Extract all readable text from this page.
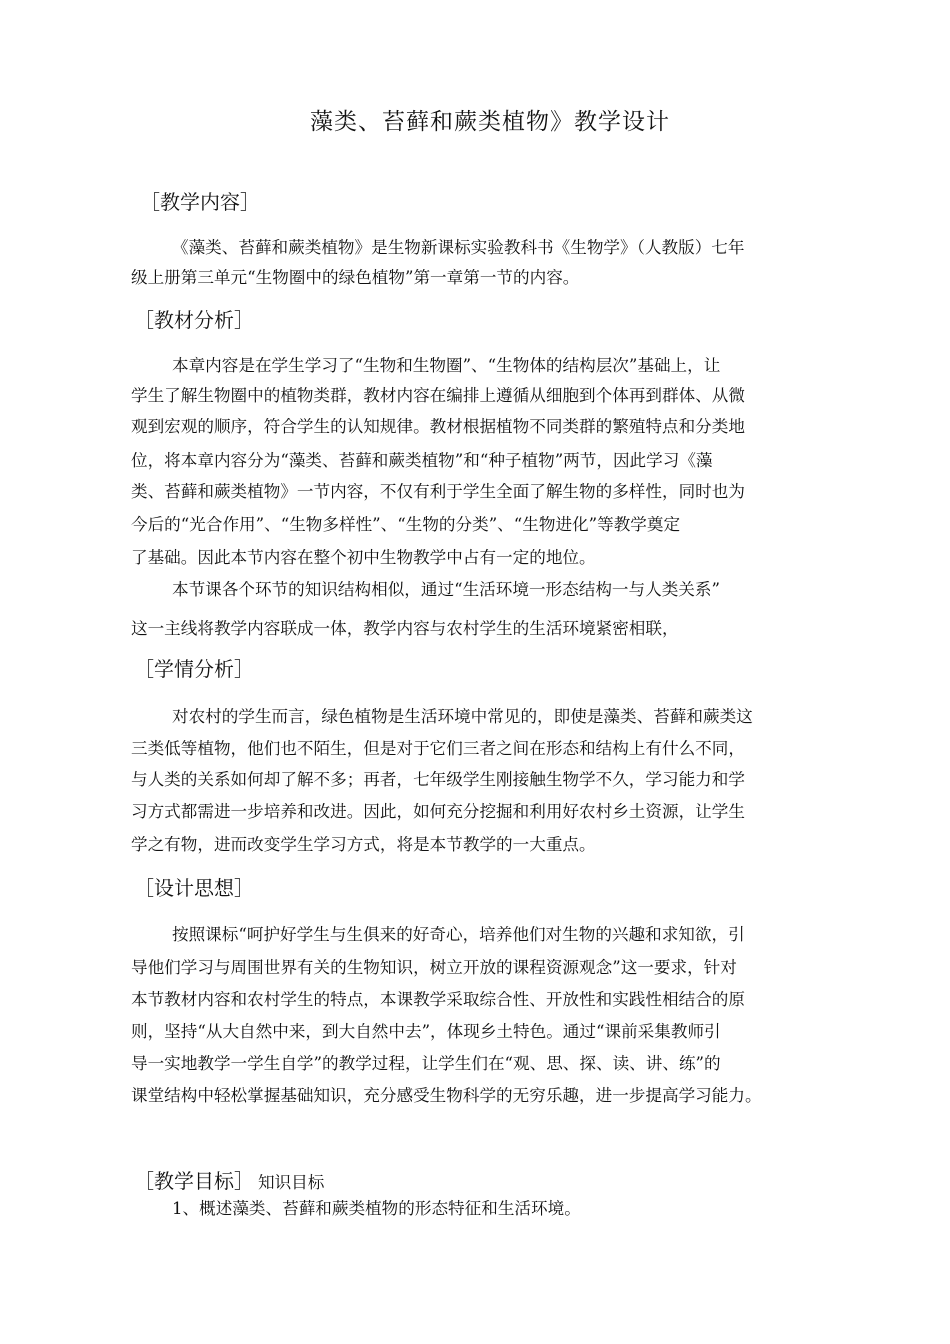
藻类、苔藓和蕨类植物》教学设计
［教学内容］
《藻类、苔藓和蕨类植物》是生物新课标实验教科书《生物学》（人教版）七年
级上册第三单元“生物圈中的绿色植物”第一章第一节的内容。
［教材分析］
本章内容是在学生学习了“生物和生物圈”、“生物体的结构层次”基础上，让
学生了解生物圈中的植物类群，教材内容在编排上遵循从细胞到个体再到群体、从微
观到宏观的顺序，符合学生的认知规律。教材根据植物不同类群的繁殖特点和分类地
位，将本章内容分为“藻类、苔藓和蕨类植物”和“种子植物”两节，因此学习《藻
类、苔藓和蕨类植物》一节内容，不仅有利于学生全面了解生物的多样性，同时也为
今后的“光合作用”、“生物多样性”、“生物的分类”、“生物进化”等教学奠定
了基础。因此本节内容在整个初中生物教学中占有一定的地位。
本节课各个环节的知识结构相似，通过“生活环境一形态结构一与人类关系”
这一主线将教学内容联成一体，教学内容与农村学生的生活环境紧密相联，
［学情分析］
对农村的学生而言，绿色植物是生活环境中常见的，即使是藻类、苔藓和蕨类这
三类低等植物，他们也不陌生，但是对于它们三者之间在形态和结构上有什么不同，
与人类的关系如何却了解不多；再者，七年级学生刚接触生物学不久，学习能力和学
习方式都需进一步培养和改进。因此，如何充分挖掘和利用好农村乡土资源，让学生
学之有物，进而改变学生学习方式，将是本节教学的一大重点。
［设计思想］
按照课标“呵护好学生与生俱来的好奇心，培养他们对生物的兴趣和求知欲，引
导他们学习与周围世界有关的生物知识，树立开放的课程资源观念”这一要求，针对
本节教材内容和农村学生的特点，本课教学采取综合性、开放性和实践性相结合的原
则，坚持“从大自然中来，到大自然中去”，体现乡土特色。通过“课前采集教师引
导一实地教学一学生自学”的教学过程，让学生们在“观、思、探、读、讲、练”的
课堂结构中轻松掌握基础知识，充分感受生物科学的无穷乐趣，进一步提高学习能力。
［教学目标］ 知识目标
1、概述藻类、苔藓和蕨类植物的形态特征和生活环境。
